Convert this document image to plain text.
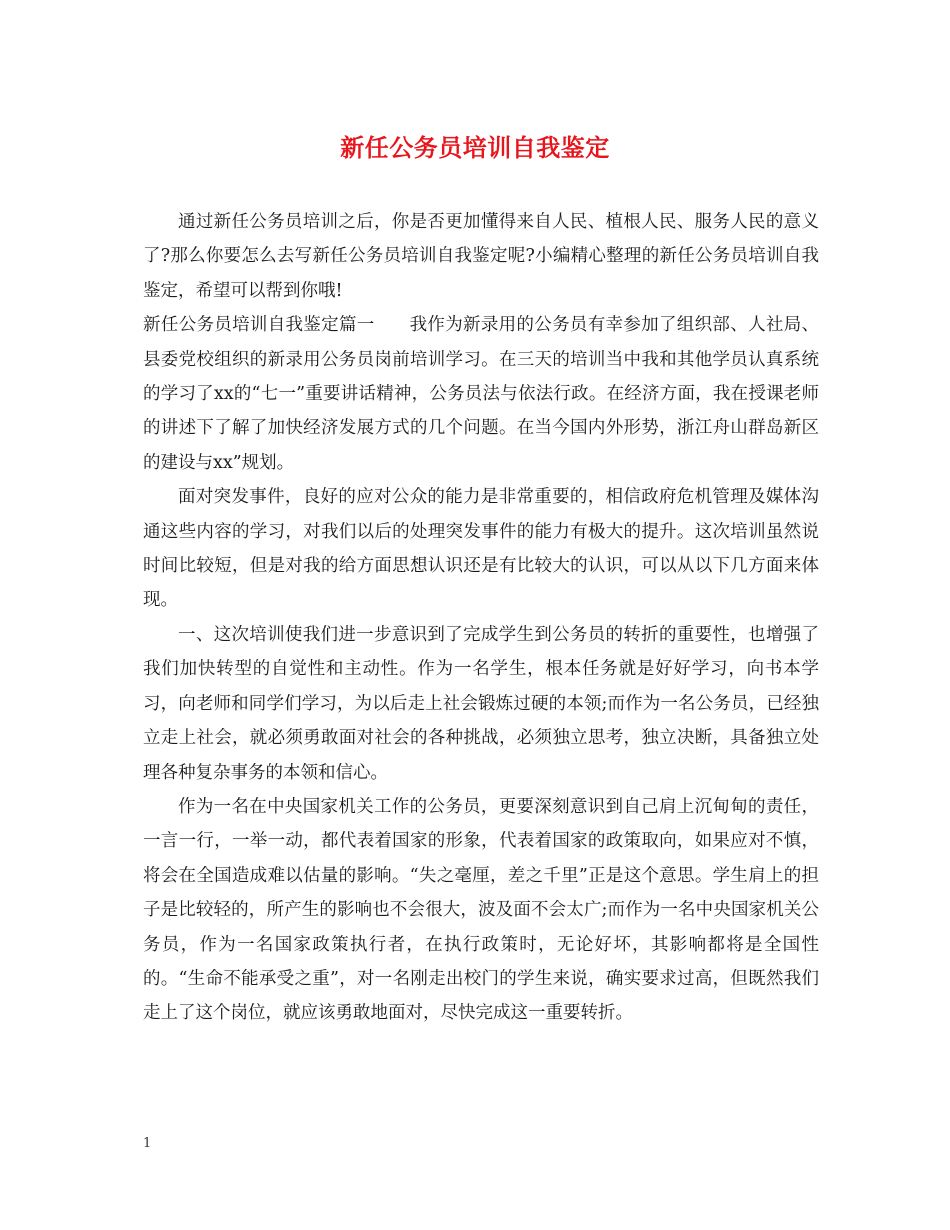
新任公务员培训自我鉴定

通过新任公务员培训之后，你是否更加懂得来自人民、植根人民、服务人民的意义了?那么你要怎么去写新任公务员培训自我鉴定呢?小编精心整理的新任公务员培训自我鉴定，希望可以帮到你哦!

新任公务员培训自我鉴定篇一 我作为新录用的公务员有幸参加了组织部、人社局、县委党校组织的新录用公务员岗前培训学习。在三天的培训当中我和其他学员认真系统的学习了xx的“七一”重要讲话精神，公务员法与依法行政。在经济方面，我在授课老师的讲述下了解了加快经济发展方式的几个问题。在当今国内外形势，浙江舟山群岛新区的建设与xx”规划。

面对突发事件，良好的应对公众的能力是非常重要的，相信政府危机管理及媒体沟通这些内容的学习，对我们以后的处理突发事件的能力有极大的提升。这次培训虽然说时间比较短，但是对我的给方面思想认识还是有比较大的认识，可以从以下几方面来体现。

一、这次培训使我们进一步意识到了完成学生到公务员的转折的重要性，也增强了我们加快转型的自觉性和主动性。作为一名学生，根本任务就是好好学习，向书本学习，向老师和同学们学习，为以后走上社会锻炼过硬的本领;而作为一名公务员，已经独立走上社会，就必须勇敢面对社会的各种挑战，必须独立思考，独立决断，具备独立处理各种复杂事务的本领和信心。

作为一名在中央国家机关工作的公务员，更要深刻意识到自己肩上沉甸甸的责任，一言一行，一举一动，都代表着国家的形象，代表着国家的政策取向，如果应对不慎，将会在全国造成难以估量的影响。“失之毫厘，差之千里”正是这个意思。学生肩上的担子是比较轻的，所产生的影响也不会很大，波及面不会太广;而作为一名中央国家机关公务员，作为一名国家政策执行者，在执行政策时，无论好坏，其影响都将是全国性的。“生命不能承受之重”，对一名刚走出校门的学生来说，确实要求过高，但既然我们走上了这个岗位，就应该勇敢地面对，尽快完成这一重要转折。

1
